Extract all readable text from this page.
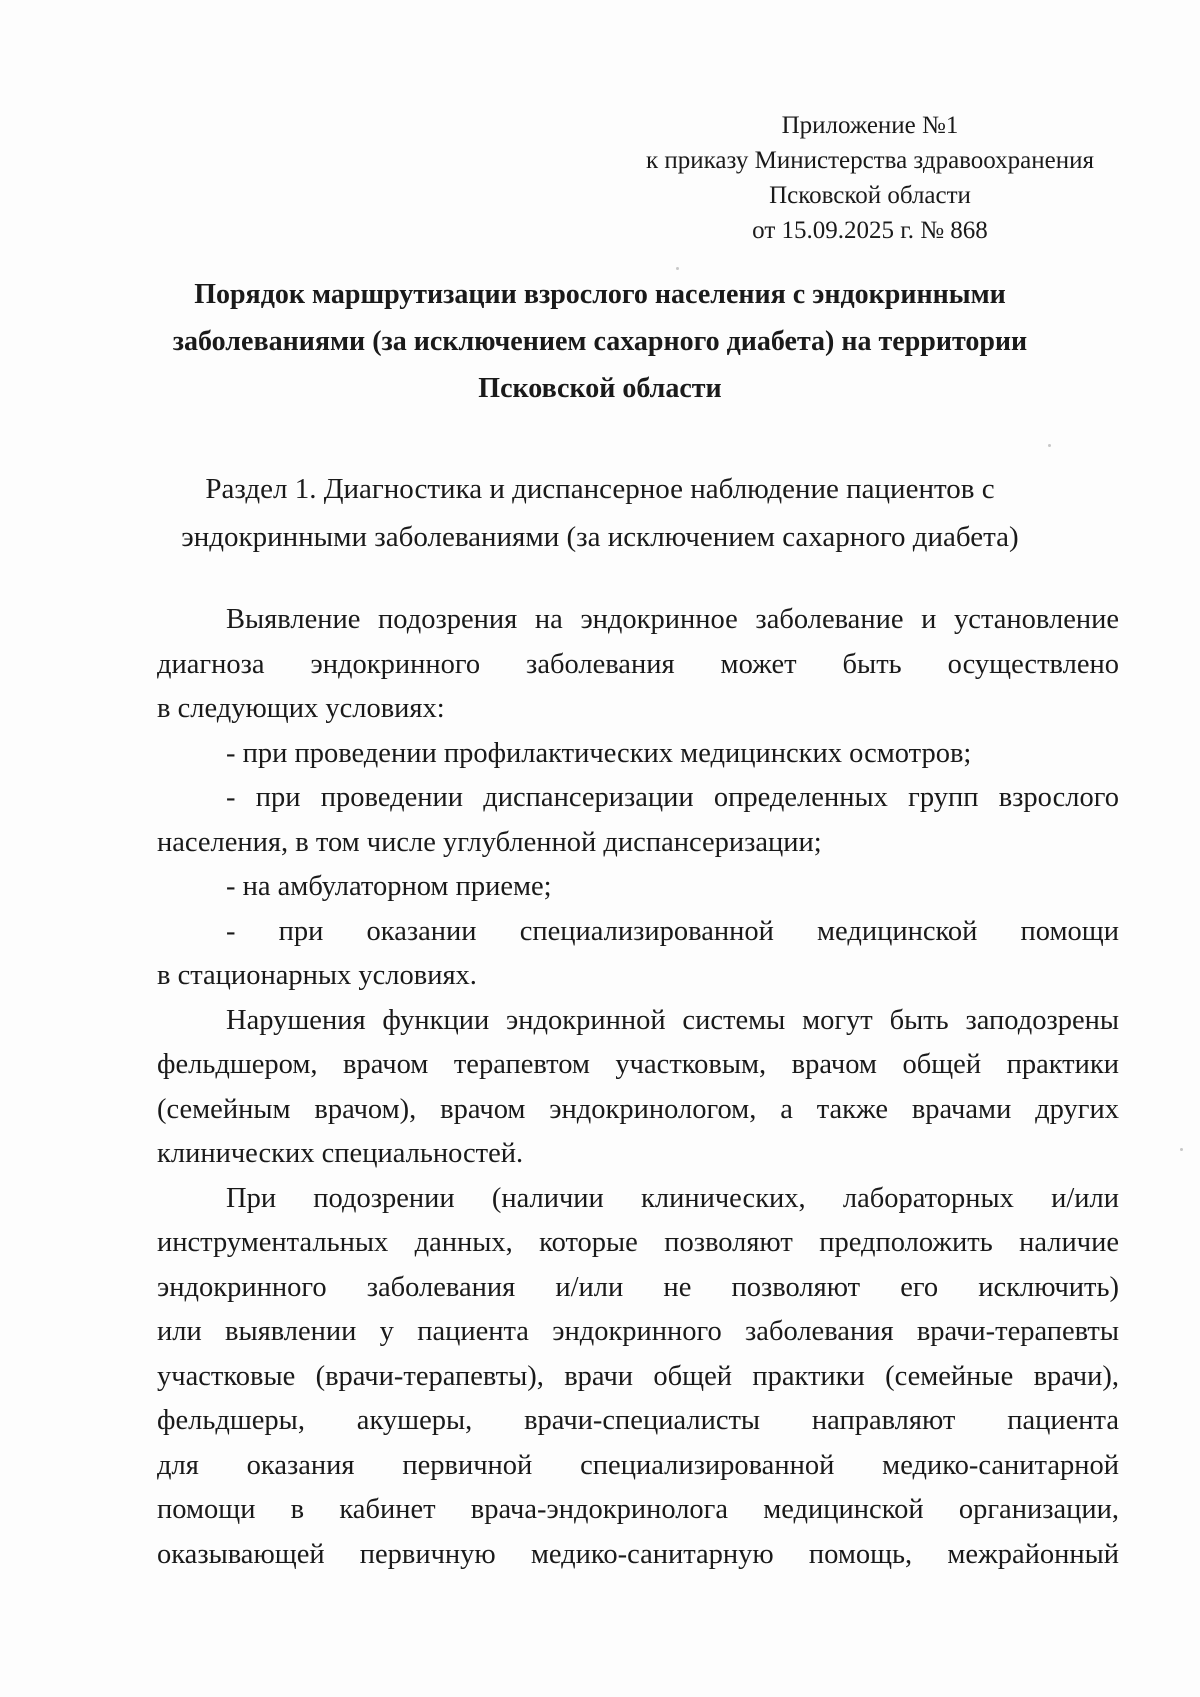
Приложение №1
к приказу Министерства здравоохранения
Псковской области
от 15.09.2025 г. № 868
Порядок маршрутизации взрослого населения с эндокринными
заболеваниями (за исключением сахарного диабета) на территории
Псковской области
Раздел 1. Диагностика и диспансерное наблюдение пациентов с
эндокринными заболеваниями (за исключением сахарного диабета)
Выявление подозрения на эндокринное заболевание и установление
диагноза эндокринного заболевания может быть осуществлено
в следующих условиях:
- при проведении профилактических медицинских осмотров;
- при проведении диспансеризации определенных групп взрослого
населения, в том числе углубленной диспансеризации;
- на амбулаторном приеме;
- при оказании специализированной медицинской помощи
в стационарных условиях.
Нарушения функции эндокринной системы могут быть заподозрены
фельдшером, врачом терапевтом участковым, врачом общей практики
(семейным врачом), врачом эндокринологом, а также врачами других
клинических специальностей.
При подозрении (наличии клинических, лабораторных и/или
инструментальных данных, которые позволяют предположить наличие
эндокринного заболевания и/или не позволяют его исключить)
или выявлении у пациента эндокринного заболевания врачи-терапевты
участковые (врачи-терапевты), врачи общей практики (семейные врачи),
фельдшеры, акушеры, врачи-специалисты направляют пациента
для оказания первичной специализированной медико-санитарной
помощи в кабинет врача-эндокринолога медицинской организации,
оказывающей первичную медико-санитарную помощь, межрайонный
